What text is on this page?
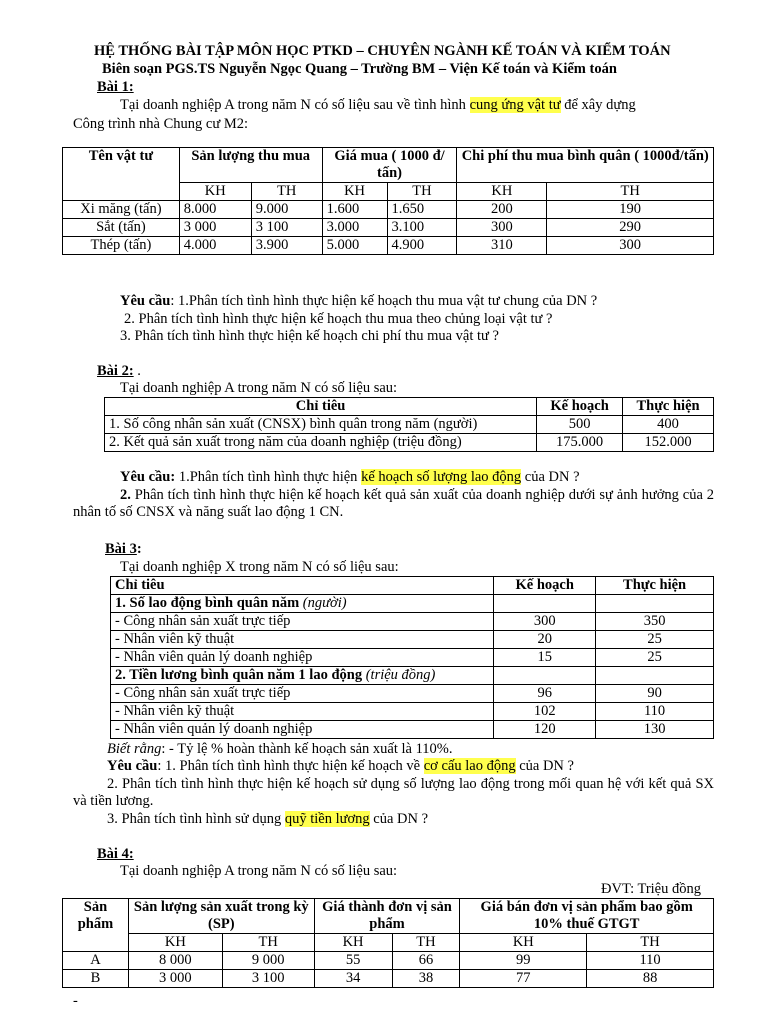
HỆ THỐNG BÀI TẬP MÔN HỌC PTKD – CHUYÊN NGÀNH KẾ TOÁN VÀ KIỂM TOÁN

Biên soạn PGS.TS Nguyễn Ngọc Quang – Trường BM – Viện Kế toán và Kiểm toán

Bài 1:

Tại doanh nghiệp A trong năm N có số liệu sau về tình hình cung ứng vật tư để xây dựng

Công trình nhà Chung cư M2:

Tên vật tư	Sản lượng thu mua		Giá mua ( 1000 đ/ tấn)		Chi phí thu mua bình quân ( 1000đ/tấn)	
	KH	TH	KH	TH	KH	TH
Xi măng (tấn)	8.000	9.000	1.600	1.650	200	190
Sắt (tấn)	3 000	3 100	3.000	3.100	300	290
Thép (tấn)	4.000	3.900	5.000	4.900	310	300

Yêu cầu: 1.Phân tích tình hình thực hiện kế hoạch thu mua vật tư chung của DN ?

2. Phân tích tình hình thực hiện kế hoạch thu mua theo chủng loại vật tư ?

3. Phân tích tình hình thực hiện kế hoạch chi phí thu mua vật tư ?

Bài 2: .

Tại doanh nghiệp A trong năm N có số liệu sau:

Chỉ tiêu	Kế hoạch	Thực hiện
1. Số công nhân sản xuất (CNSX) bình quân trong năm (người)	500	400
2. Kết quả sản xuất trong năm của doanh nghiệp (triệu đồng)	175.000	152.000

Yêu cầu: 1.Phân tích tình hình thực hiện kế hoạch số lượng lao động của DN ?

2. Phân tích tình hình thực hiện kế hoạch kết quả sản xuất của doanh nghiệp dưới sự ảnh hưởng của 2 nhân tố số CNSX và năng suất lao động 1 CN.

Bài 3:

Tại doanh nghiệp X trong năm N có số liệu sau:

Chỉ tiêu	Kế hoạch	Thực hiện
1. Số lao động bình quân năm (người)		
- Công nhân sản xuất trực tiếp	300	350
- Nhân viên kỹ thuật	20	25
- Nhân viên quản lý doanh nghiệp	15	25
2. Tiền lương bình quân năm 1 lao động (triệu đồng)		
- Công nhân sản xuất trực tiếp	96	90
- Nhân viên kỹ thuật	102	110
- Nhân viên quản lý doanh nghiệp	120	130

Biết rằng: - Tỷ lệ % hoàn thành kế hoạch sản xuất là 110%.

Yêu cầu: 1. Phân tích tình hình thực hiện kế hoạch về cơ cấu lao động của DN ?

2. Phân tích tình hình thực hiện kế hoạch sử dụng số lượng lao động trong mối quan hệ với kết quả SX và tiền lương.

3. Phân tích tình hình sử dụng quỹ tiền lương của DN ?

Bài 4:

Tại doanh nghiệp A trong năm N có số liệu sau:

ĐVT: Triệu đồng

Sản phẩm	Sản lượng sản xuất trong kỳ (SP)		Giá thành đơn vị sản phẩm		Giá bán đơn vị sản phẩm bao gồm 10% thuế GTGT	
	KH	TH	KH	TH	KH	TH
A	8 000	9 000	55	66	99	110
B	3 000	3 100	34	38	77	88

-
